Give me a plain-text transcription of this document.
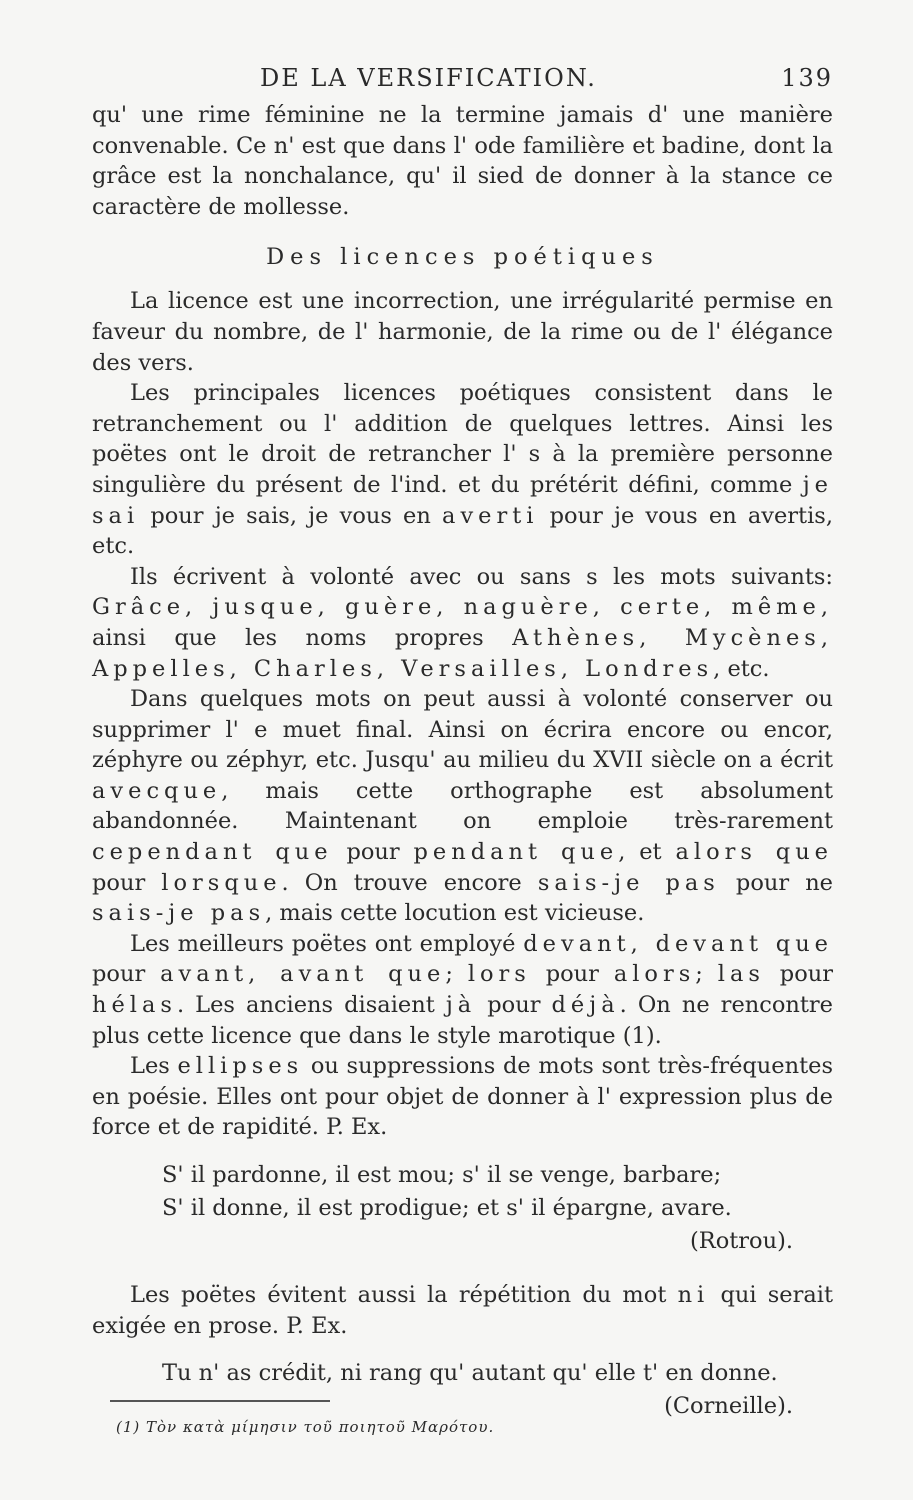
DE LA VERSIFICATION.	139

qu' une rime féminine ne la termine jamais d' une manière convenable. Ce n' est que dans l' ode familière et badine, dont la grâce est la nonchalance, qu' il sied de donner à la stance ce caractère de mollesse.

Des licences poétiques

La licence est une incorrection, une irrégularité permise en faveur du nombre, de l' harmonie, de la rime ou de l' élégance des vers.

Les principales licences poétiques consistent dans le retranchement ou l' addition de quelques lettres. Ainsi les poëtes ont le droit de retrancher l' s à la première personne singulière du présent de l'ind. et du prétérit défini, comme je sai pour je sais, je vous en averti pour je vous en avertis, etc.

Ils écrivent à volonté avec ou sans s les mots suivants: Grâce, jusque, guère, naguère, certe, même, ainsi que les noms propres Athènes, Mycènes, Appelles, Charles, Versailles, Londres, etc.

Dans quelques mots on peut aussi à volonté conserver ou supprimer l' e muet final. Ainsi on écrira encore ou encor, zéphyre ou zéphyr, etc. Jusqu' au milieu du XVII siècle on a écrit avecque, mais cette orthographe est absolument abandonnée. Maintenant on emploie très-rarement cependant que pour pendant que, et alors que pour lorsque. On trouve encore sais-je pas pour ne sais-je pas, mais cette locution est vicieuse.

Les meilleurs poëtes ont employé devant, devant que pour avant, avant que; lors pour alors; las pour hélas. Les anciens disaient jà pour déjà. On ne rencontre plus cette licence que dans le style marotique (1).

Les ellipses ou suppressions de mots sont très-fréquentes en poésie. Elles ont pour objet de donner à l' expression plus de force et de rapidité. P. Ex.

S' il pardonne, il est mou; s' il se venge, barbare;
S' il donne, il est prodigue; et s' il épargne, avare.
(Rotrou).

Les poëtes évitent aussi la répétition du mot ni qui serait exigée en prose. P. Ex.

Tu n' as crédit, ni rang qu' autant qu' elle t' en donne.
(Corneille).
(1) Τὸν κατὰ μίμησιν τοῦ ποιητοῦ Μαρότου.
